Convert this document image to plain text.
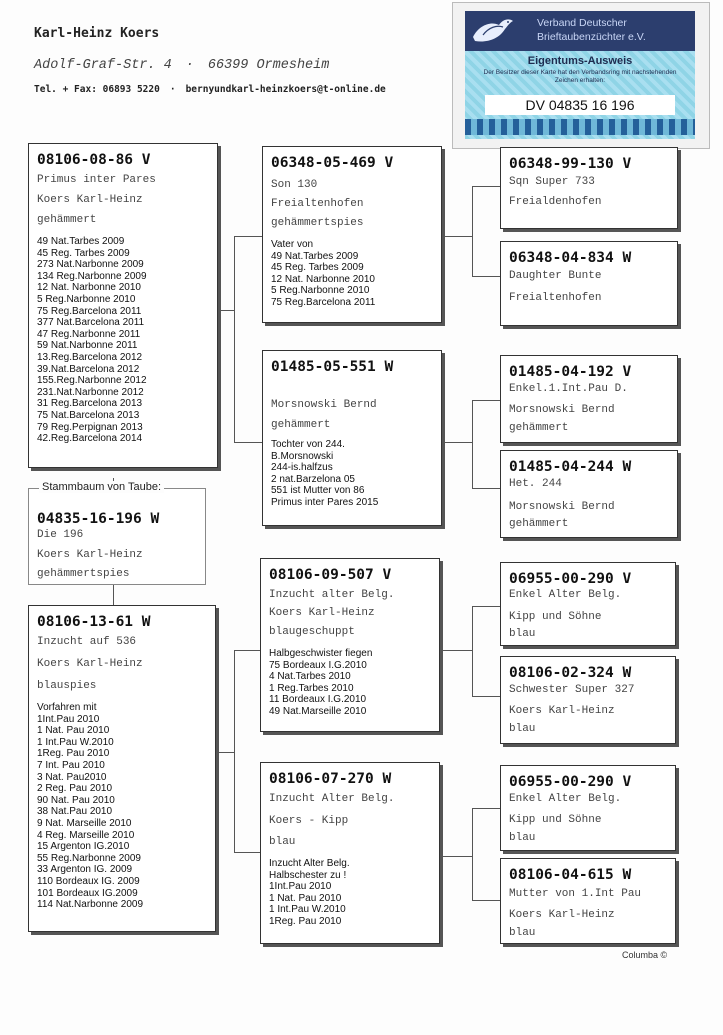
Karl-Heinz Koers
Adolf-Graf-Str. 4 · 66399 Ormesheim
Tel. + Fax: 06893 5220 · bernyundkarl-heinzkoers@t-online.de
Verband Deutscher
Brieftaubenzüchter e.V.
Eigentums-Ausweis
Der Besitzer dieser Karte hat den Verbandsring mit nachstehenden Zeichen erhalten:
DV 04835 16 196
08106-08-86 V
Primus inter Pares
Koers Karl-Heinz
gehämmert
49 Nat.Tarbes 2009
45 Reg. Tarbes 2009
273 Nat.Narbonne 2009
134 Reg.Narbonne 2009
12 Nat. Narbonne 2010
5 Reg.Narbonne 2010
75 Reg.Barcelona 2011
377 Nat.Barcelona 2011
47 Reg.Narbonne 2011
59 Nat.Narbonne 2011
13.Reg.Barcelona 2012
39.Nat.Barcelona 2012
155.Reg.Narbonne 2012
231.Nat.Narbonne 2012
31 Reg.Barcelona 2013
75 Nat.Barcelona 2013
79 Reg.Perpignan 2013
42.Reg.Barcelona 2014
Stammbaum von Taube:
04835-16-196 W
Die 196
Koers Karl-Heinz
gehämmertspies
08106-13-61 W
Inzucht auf 536
Koers Karl-Heinz
blauspies
Vorfahren mit
1Int.Pau 2010
1 Nat. Pau 2010
1 Int.Pau W.2010
1Reg. Pau 2010
7 Int. Pau 2010
3 Nat. Pau2010
2 Reg. Pau 2010
90 Nat. Pau 2010
38 Nat.Pau 2010
9 Nat. Marseille 2010
4 Reg. Marseille 2010
15 Argenton IG.2010
55 Reg.Narbonne 2009
33 Argenton IG. 2009
110 Bordeaux IG. 2009
101 Bordeaux IG.2009
114 Nat.Narbonne 2009
06348-05-469 V
Son 130
Freialtenhofen
gehämmertspies
Vater von
49 Nat.Tarbes 2009
45 Reg. Tarbes 2009
12 Nat. Narbonne 2010
5 Reg.Narbonne 2010
75 Reg.Barcelona 2011
01485-05-551 W
Morsnowski Bernd
gehämmert
Tochter von 244.
B.Morsnowski
244-is.halfzus
2 nat.Barzelona 05
551 ist Mutter von 86
Primus inter Pares 2015
08106-09-507 V
Inzucht alter Belg.
Koers Karl-Heinz
blaugeschuppt
Halbgeschwister fiegen
75 Bordeaux I.G.2010
4 Nat.Tarbes 2010
1 Reg.Tarbes 2010
11 Bordeaux I.G.2010
49 Nat.Marseille 2010
08106-07-270 W
Inzucht Alter Belg.
Koers - Kipp
blau
Inzucht Alter Belg.
Halbschester zu !
1Int.Pau 2010
1 Nat. Pau 2010
1 Int.Pau W.2010
1Reg. Pau 2010
06348-99-130 V
Sqn Super 733
Freialdenhofen
06348-04-834 W
Daughter Bunte
Freialtenhofen
01485-04-192 V
Enkel.1.Int.Pau D.
Morsnowski Bernd
gehämmert
01485-04-244 W
Het. 244
Morsnowski Bernd
gehämmert
06955-00-290 V
Enkel Alter Belg.
Kipp und Söhne
blau
08106-02-324 W
Schwester Super 327
Koers Karl-Heinz
blau
06955-00-290 V
Enkel Alter Belg.
Kipp und Söhne
blau
08106-04-615 W
Mutter von 1.Int Pau
Koers Karl-Heinz
blau
Columba ©
